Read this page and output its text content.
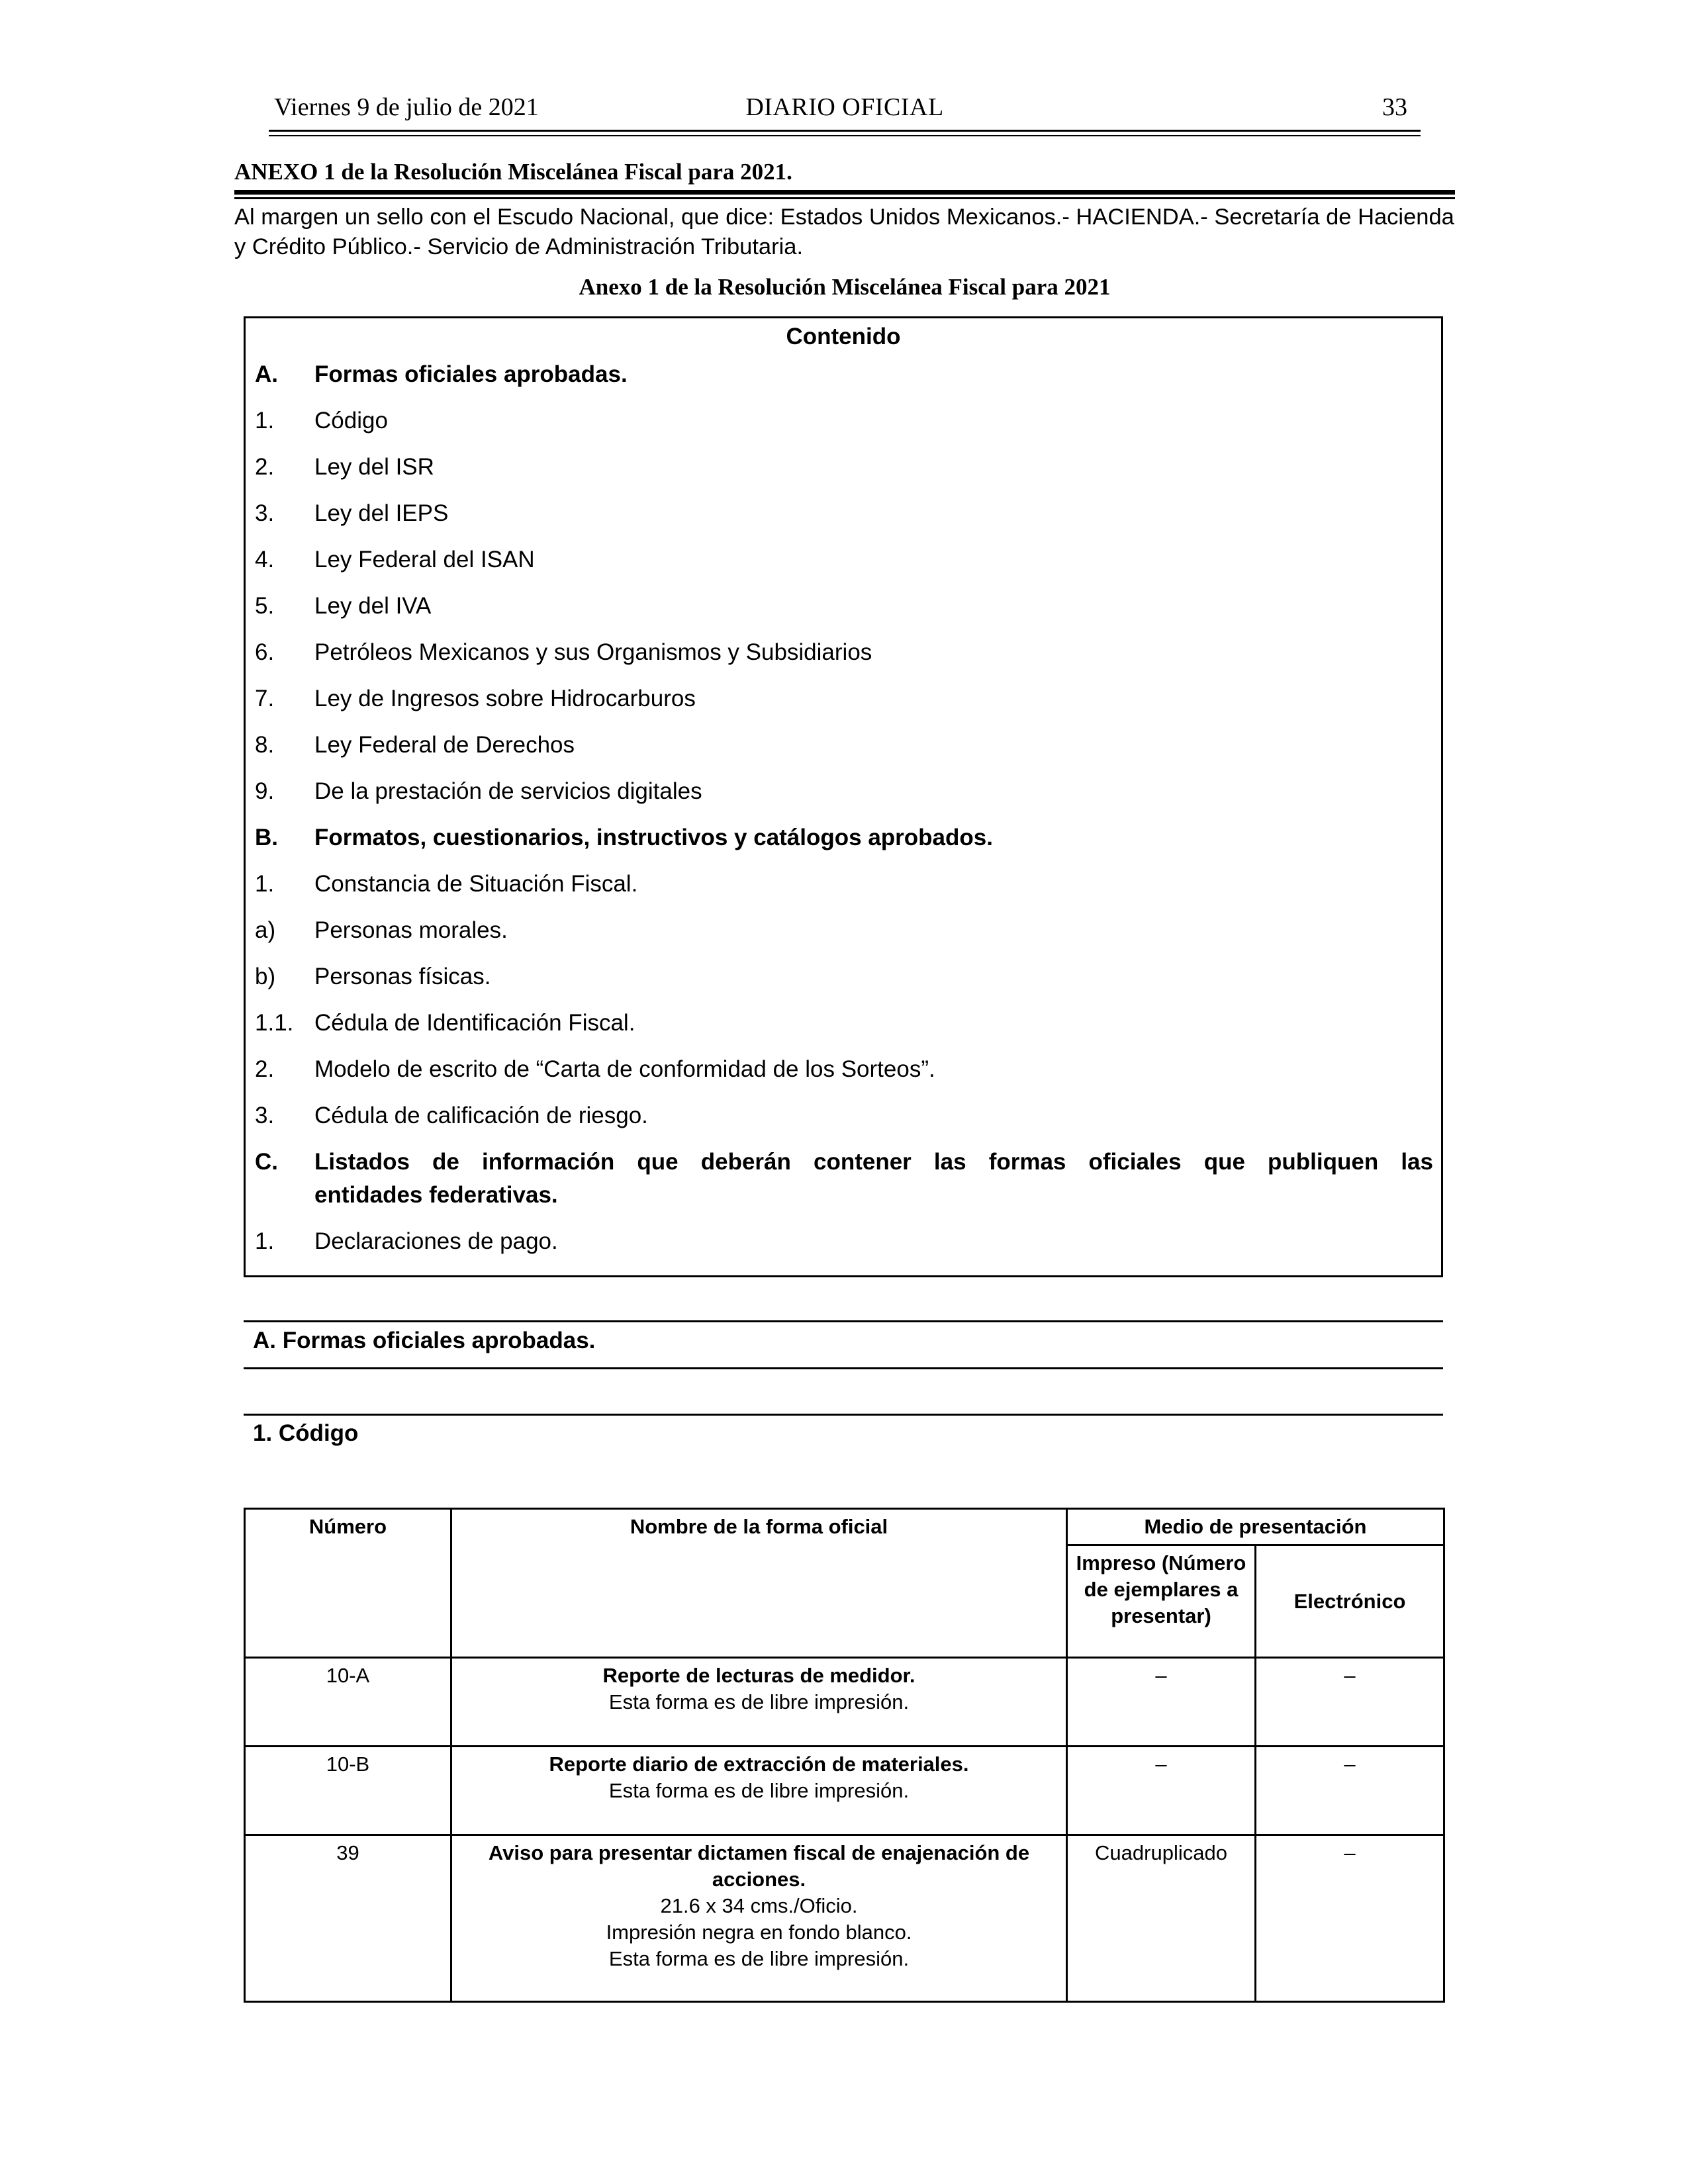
Viernes 9 de julio de 2021	DIARIO OFICIAL	33
ANEXO 1 de la Resolución Miscelánea Fiscal para 2021.
Al margen un sello con el Escudo Nacional, que dice: Estados Unidos Mexicanos.- HACIENDA.- Secretaría de Hacienda y Crédito Público.- Servicio de Administración Tributaria.
Anexo 1 de la Resolución Miscelánea Fiscal para 2021
Contenido
A. Formas oficiales aprobadas.
1. Código
2. Ley del ISR
3. Ley del IEPS
4. Ley Federal del ISAN
5. Ley del IVA
6. Petróleos Mexicanos y sus Organismos y Subsidiarios
7. Ley de Ingresos sobre Hidrocarburos
8. Ley Federal de Derechos
9. De la prestación de servicios digitales
B. Formatos, cuestionarios, instructivos y catálogos aprobados.
1. Constancia de Situación Fiscal.
a) Personas morales.
b) Personas físicas.
1.1. Cédula de Identificación Fiscal.
2. Modelo de escrito de “Carta de conformidad de los Sorteos”.
3. Cédula de calificación de riesgo.
C. Listados de información que deberán contener las formas oficiales que publiquen las
entidades federativas.
1. Declaraciones de pago.
A. Formas oficiales aprobadas.
1. Código
Número	Nombre de la forma oficial	Medio de presentación	
		Impreso (Número de ejemplares a presentar)	Electrónico
10-A	Reporte de lecturas de medidor.
Esta forma es de libre impresión.	–	–
10-B	Reporte diario de extracción de materiales.
Esta forma es de libre impresión.	–	–
39	Aviso para presentar dictamen fiscal de enajenación de acciones.
21.6 x 34 cms./Oficio.
Impresión negra en fondo blanco.
Esta forma es de libre impresión.	Cuadruplicado	–
